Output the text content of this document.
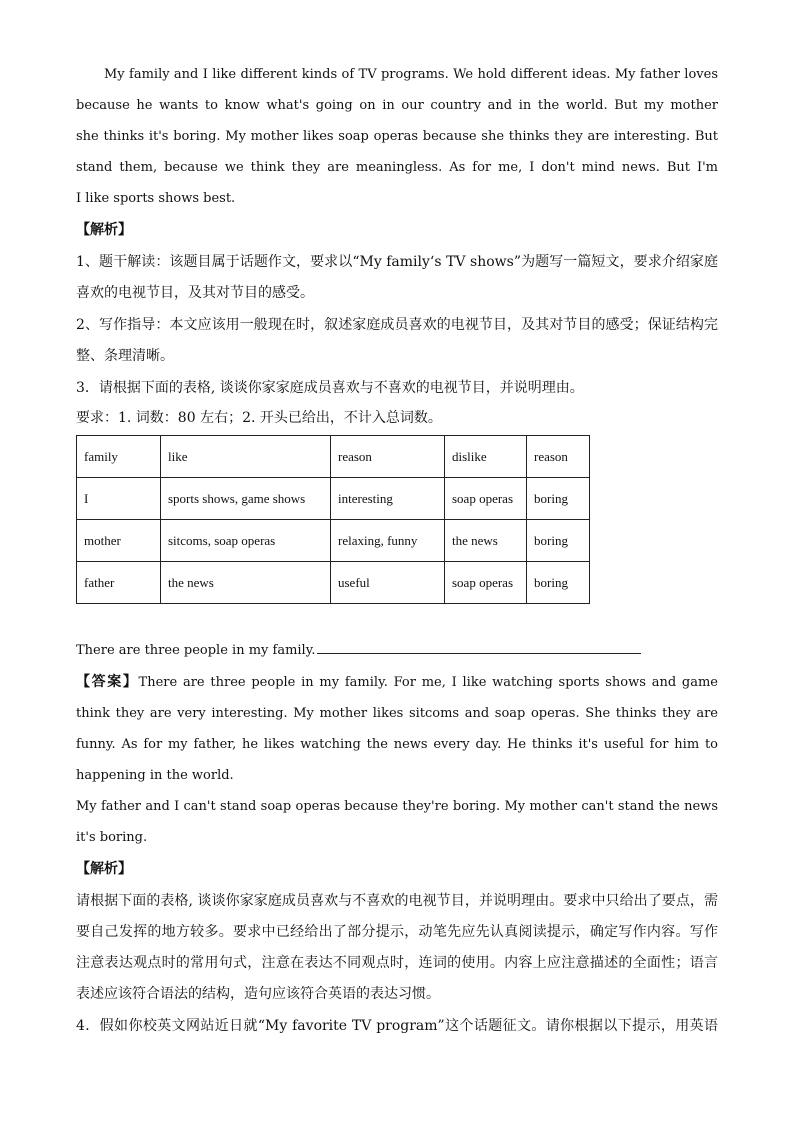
My family and I like different kinds of TV programs. We hold different ideas. My father loves
because he wants to know what's going on in our country and in the world. But my mother
she thinks it's boring. My mother likes soap operas because she thinks they are interesting. But
stand them, because we think they are meaningless. As for me, I don't mind news. But I'm
I like sports shows best.
【解析】
1、题干解读：该题目属于话题作文，要求以“My family‘s TV shows”为题写一篇短文，要求介绍家庭
喜欢的电视节目，及其对节目的感受。
2、写作指导：本文应该用一般现在时，叙述家庭成员喜欢的电视节目，及其对节目的感受；保证结构完
整、条理清晰。
3．请根据下面的表格, 谈谈你家家庭成员喜欢与不喜欢的电视节目，并说明理由。
要求：1. 词数：80 左右；2. 开头已给出，不计入总词数。
family	like	reason	dislike	reason
I	sports shows, game shows	interesting	soap operas	boring
mother	sitcoms, soap operas	relaxing, funny	the news	boring
father	the news	useful	soap operas	boring
There are three people in my family.
【答案】There are three people in my family. For me, I like watching sports shows and game
think they are very interesting. My mother likes sitcoms and soap operas. She thinks they are
funny. As for my father, he likes watching the news every day. He thinks it's useful for him to
happening in the world.
My father and I can't stand soap operas because they're boring. My mother can't stand the news
it's boring.
【解析】
请根据下面的表格, 谈谈你家家庭成员喜欢与不喜欢的电视节目，并说明理由。要求中只给出了要点，需
要自己发挥的地方较多。要求中已经给出了部分提示，动笔先应先认真阅读提示，确定写作内容。写作
注意表达观点时的常用句式，注意在表达不同观点时，连词的使用。内容上应注意描述的全面性；语言
表述应该符合语法的结构，造句应该符合英语的表达习惯。
4．假如你校英文网站近日就“My favorite TV program”这个话题征文。请你根据以下提示，用英语
